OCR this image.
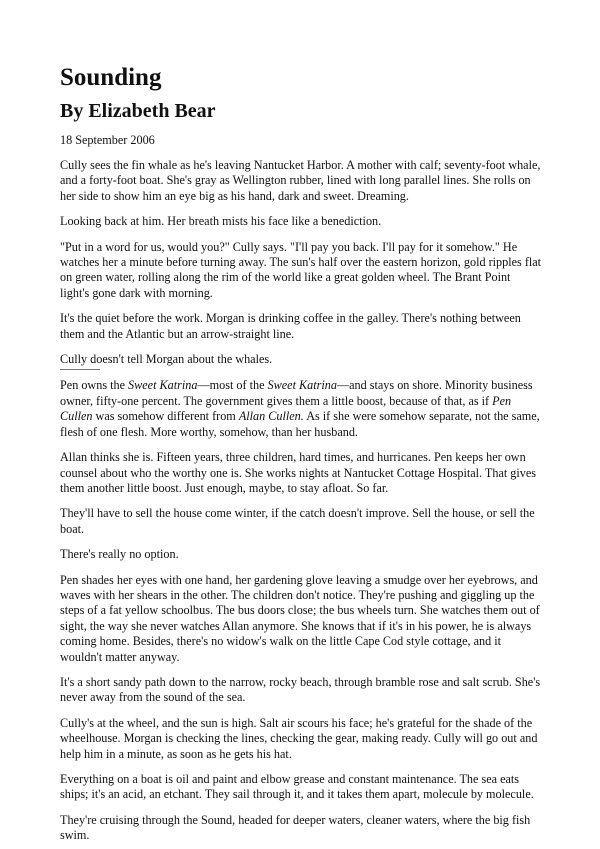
Sounding
By Elizabeth Bear
18 September 2006

Cully sees the fin whale as he's leaving Nantucket Harbor. A mother with calf; seventy-foot whale, and a forty-foot boat. She's gray as Wellington rubber, lined with long parallel lines. She rolls on her side to show him an eye big as his hand, dark and sweet. Dreaming.

Looking back at him. Her breath mists his face like a benediction.

"Put in a word for us, would you?" Cully says. "I'll pay you back. I'll pay for it somehow." He watches her a minute before turning away. The sun's half over the eastern horizon, gold ripples flat on green water, rolling along the rim of the world like a great golden wheel. The Brant Point light's gone dark with morning.

It's the quiet before the work. Morgan is drinking coffee in the galley. There's nothing between them and the Atlantic but an arrow-straight line.

Cully doesn't tell Morgan about the whales.

Pen owns the Sweet Katrina—most of the Sweet Katrina—and stays on shore. Minority business owner, fifty-one percent. The government gives them a little boost, because of that, as if Pen Cullen was somehow different from Allan Cullen. As if she were somehow separate, not the same, flesh of one flesh. More worthy, somehow, than her husband.

Allan thinks she is. Fifteen years, three children, hard times, and hurricanes. Pen keeps her own counsel about who the worthy one is. She works nights at Nantucket Cottage Hospital. That gives them another little boost. Just enough, maybe, to stay afloat. So far.

They'll have to sell the house come winter, if the catch doesn't improve. Sell the house, or sell the boat.

There's really no option.

Pen shades her eyes with one hand, her gardening glove leaving a smudge over her eyebrows, and waves with her shears in the other. The children don't notice. They're pushing and giggling up the steps of a fat yellow schoolbus. The bus doors close; the bus wheels turn. She watches them out of sight, the way she never watches Allan anymore. She knows that if it's in his power, he is always coming home. Besides, there's no widow's walk on the little Cape Cod style cottage, and it wouldn't matter anyway.

It's a short sandy path down to the narrow, rocky beach, through bramble rose and salt scrub. She's never away from the sound of the sea.

Cully's at the wheel, and the sun is high. Salt air scours his face; he's grateful for the shade of the wheelhouse. Morgan is checking the lines, checking the gear, making ready. Cully will go out and help him in a minute, as soon as he gets his hat.

Everything on a boat is oil and paint and elbow grease and constant maintenance. The sea eats ships; it's an acid, an etchant. They sail through it, and it takes them apart, molecule by molecule.

They're cruising through the Sound, headed for deeper waters, cleaner waters, where the big fish swim.
